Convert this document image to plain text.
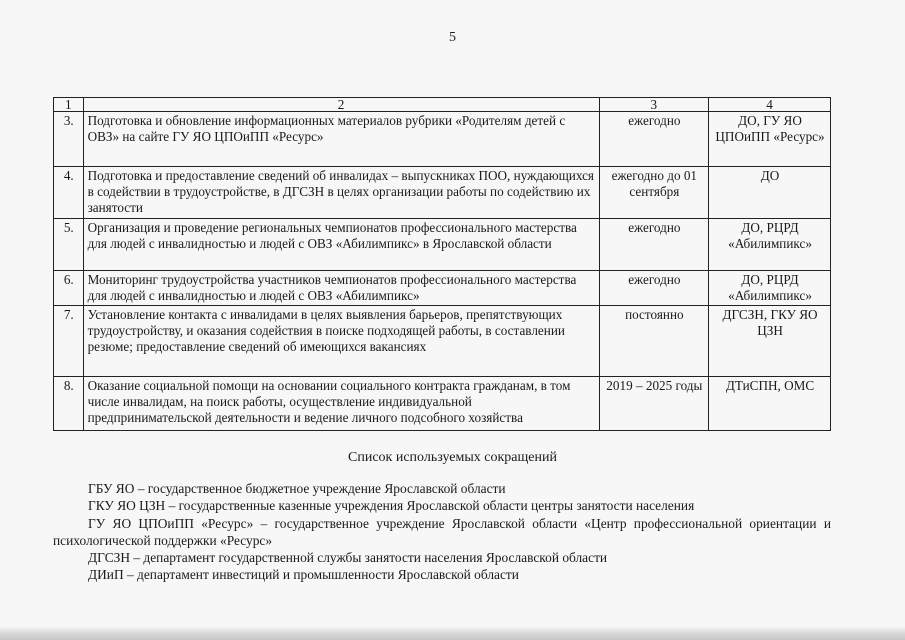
5
1	2	3	4
3.	Подготовка и обновление информационных материалов рубрики «Родителям детей с ОВЗ» на сайте ГУ ЯО ЦПОиПП «Ресурс»	ежегодно	ДО, ГУ ЯО ЦПОиПП «Ресурс»
4.	Подготовка и предоставление сведений об инвалидах – выпускниках ПОО, нуждающихся в содействии в трудоустройстве, в ДГСЗН в целях организации работы по содействию их занятости	ежегодно до 01 сентября	ДО
5.	Организация и проведение региональных чемпионатов профессионального мастерства для людей с инвалидностью и людей с ОВЗ «Абилимпикс» в Ярославской области	ежегодно	ДО, РЦРД «Абилимпикс»
6.	Мониторинг трудоустройства участников чемпионатов профессионального мастерства для людей с инвалидностью и людей с ОВЗ «Абилимпикс»	ежегодно	ДО, РЦРД «Абилимпикс»
7.	Установление контакта с инвалидами в целях выявления барьеров, препятствующих трудоустройству, и оказания содействия в поиске подходящей работы, в составлении резюме; предоставление сведений об имеющихся вакансиях	постоянно	ДГСЗН, ГКУ ЯО ЦЗН
8.	Оказание социальной помощи на основании социального контракта гражданам, в том числе инвалидам, на поиск работы, осуществление индивидуальной предпринимательской деятельности и ведение личного подсобного хозяйства	2019 – 2025 годы	ДТиСПН, ОМС
Список используемых сокращений

ГБУ ЯО – государственное бюджетное учреждение Ярославской области

ГКУ ЯО ЦЗН – государственные казенные учреждения Ярославской области центры занятости населения

ГУ ЯО ЦПОиПП «Ресурс» – государственное учреждение Ярославской области «Центр профессиональной ориентации и психологической поддержки «Ресурс»

ДГСЗН – департамент государственной службы занятости населения Ярославской области

ДИиП – департамент инвестиций и промышленности Ярославской области
